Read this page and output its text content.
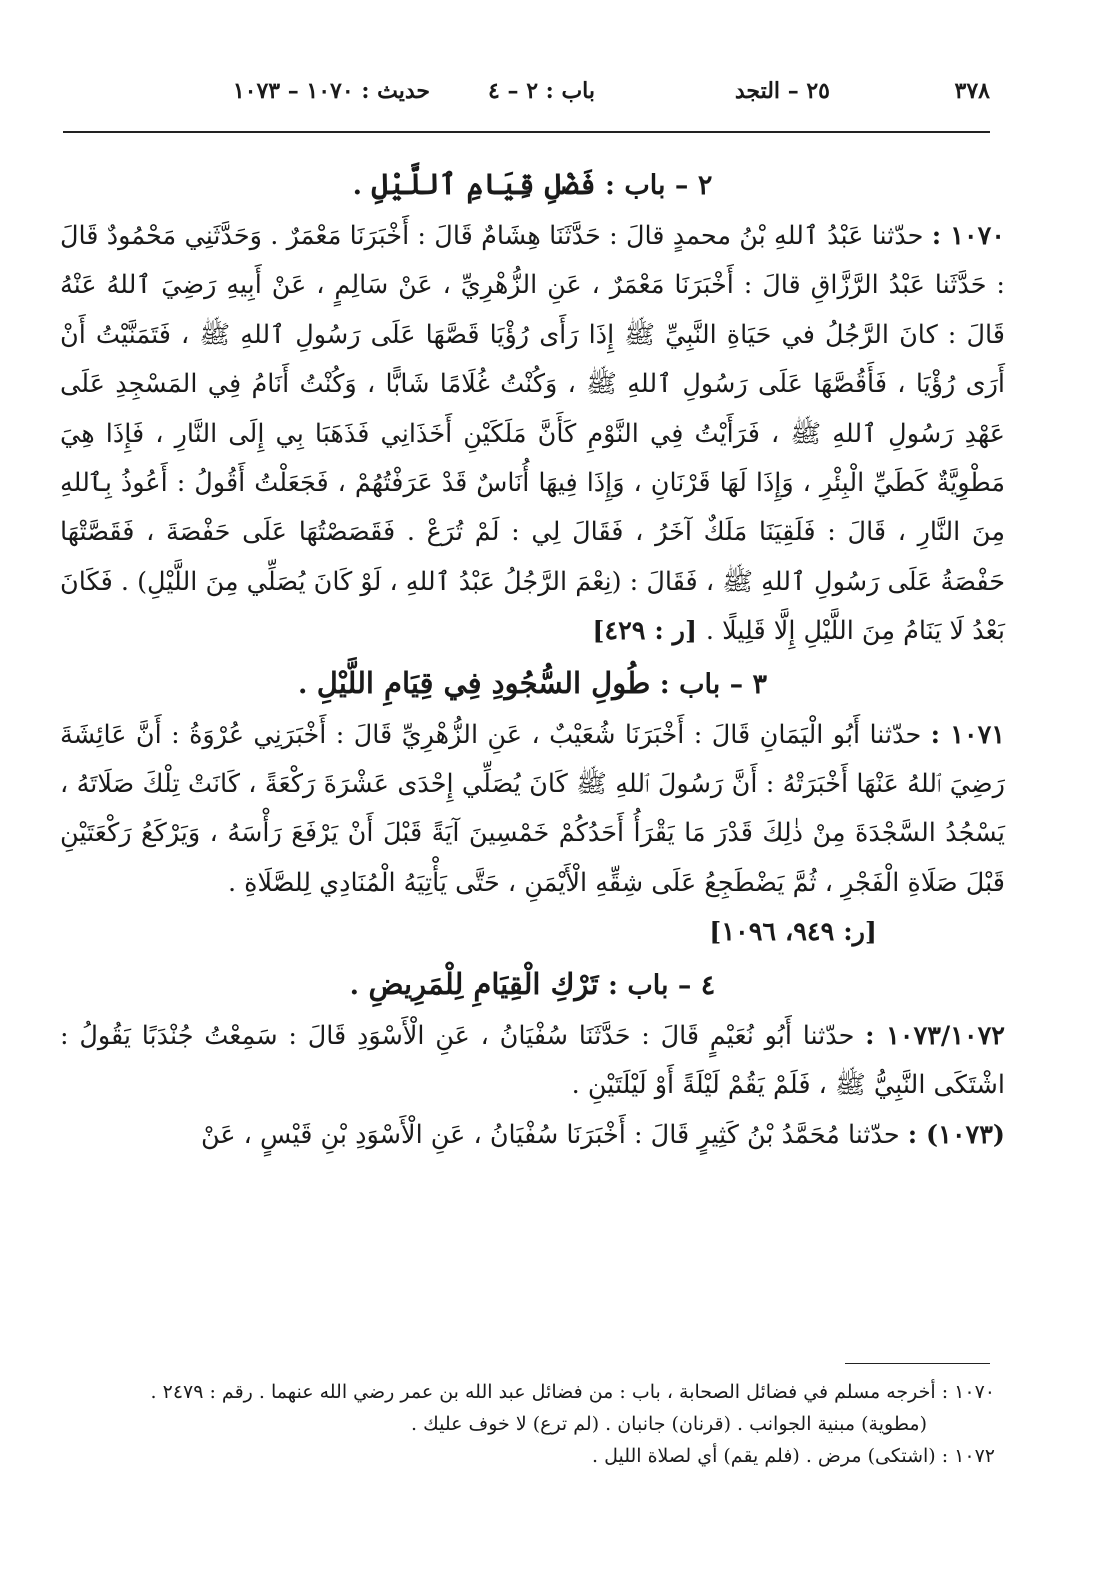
٣٧٨
٢٥ – التجد
باب : ٢ – ٤
حديث : ١٠٧٠ – ١٠٧٣
٢ – باب : فَضْلِ قِيَامِ ٱللَّيْلِ .

١٠٧٠ : حدّثنا عَبْدُ ٱللهِ بْنُ محمدٍ قالَ : حَدَّثَنَا هِشَامٌ قَالَ : أَخْبَرَنَا مَعْمَرٌ . وَحَدَّثَنِي مَحْمُودٌ قَالَ : حَدَّثَنا عَبْدُ الرَّزَّاقِ قالَ : أَخْبَرَنَا مَعْمَرٌ ، عَنِ الزُّهْرِيِّ ، عَنْ سَالِمٍ ، عَنْ أَبِيهِ رَضِيَ ٱللهُ عَنْهُ قَالَ : كانَ الرَّجُلُ في حَيَاةِ النَّبِيِّ ﷺ إِذَا رَأَى رُؤْيَا قَصَّهَا عَلَى رَسُولِ ٱللهِ ﷺ ، فَتَمَنَّيْتُ أَنْ أَرَى رُؤْيَا ، فَأَقُصَّهَا عَلَى رَسُولِ ٱللهِ ﷺ ، وَكُنْتُ غُلَامًا شَابًّا ، وَكُنْتُ أَنَامُ فِي المَسْجِدِ عَلَى عَهْدِ رَسُولِ ٱللهِ ﷺ ، فَرَأَيْتُ فِي النَّوْمِ كَأَنَّ مَلَكَيْنِ أَخَذَانِي فَذَهَبَا بِي إِلَى النَّارِ ، فَإِذَا هِيَ مَطْوِيَّةٌ كَطَيِّ الْبِئْرِ ، وَإِذَا لَهَا قَرْنَانِ ، وَإِذَا فِيهَا أُنَاسٌ قَدْ عَرَفْتُهُمْ ، فَجَعَلْتُ أَقُولُ : أَعُوذُ بِٱللهِ مِنَ النَّارِ ، قَالَ : فَلَقِيَنَا مَلَكٌ آخَرُ ، فَقَالَ لِي : لَمْ تُرَعْ . فَقَصَصْتُهَا عَلَى حَفْصَةَ ، فَقَصَّتْهَا حَفْصَةُ عَلَى رَسُولِ ٱللهِ ﷺ ، فَقَالَ : (نِعْمَ الرَّجُلُ عَبْدُ ٱللهِ ، لَوْ كَانَ يُصَلِّي مِنَ اللَّيْلِ) . فَكَانَ بَعْدُ لَا يَنَامُ مِنَ اللَّيْلِ إِلَّا قَلِيلًا . [ر : ٤٢٩]

٣ – باب : طُولِ السُّجُودِ فِي قِيَامِ اللَّيْلِ .

١٠٧١ : حدّثنا أَبُو الْيَمَانِ قَالَ : أَخْبَرَنَا شُعَيْبٌ ، عَنِ الزُّهْرِيِّ قَالَ : أَخْبَرَنِي عُرْوَةُ : أَنَّ عَائِشَةَ رَضِيَ ٱللهُ عَنْهَا أَخْبَرَتْهُ : أَنَّ رَسُولَ ٱللهِ ﷺ كَانَ يُصَلِّي إِحْدَى عَشْرَةَ رَكْعَةً ، كَانَتْ تِلْكَ صَلَاتَهُ ، يَسْجُدُ السَّجْدَةَ مِنْ ذٰلِكَ قَدْرَ مَا يَقْرَأُ أَحَدُكُمْ خَمْسِينَ آيَةً قَبْلَ أَنْ يَرْفَعَ رَأْسَهُ ، وَيَرْكَعُ رَكْعَتَيْنِ قَبْلَ صَلَاةِ الْفَجْرِ ، ثُمَّ يَضْطَجِعُ عَلَى شِقِّهِ الْأَيْمَنِ ، حَتَّى يَأْتِيَهُ الْمُنَادِي لِلصَّلَاةِ .

[ر: ٩٤٩، ١٠٩٦]

٤ – باب : تَرْكِ الْقِيَامِ لِلْمَرِيضِ .

١٠٧٣/١٠٧٢ : حدّثنا أَبُو نُعَيْمٍ قَالَ : حَدَّثَنَا سُفْيَانُ ، عَنِ الْأَسْوَدِ قَالَ : سَمِعْتُ جُنْدَبًا يَقُولُ : اشْتَكَى النَّبِيُّ ﷺ ، فَلَمْ يَقُمْ لَيْلَةً أَوْ لَيْلَتَيْنِ .

(١٠٧٣) : حدّثنا مُحَمَّدُ بْنُ كَثِيرٍ قَالَ : أَخْبَرَنَا سُفْيَانُ ، عَنِ الْأَسْوَدِ بْنِ قَيْسٍ ، عَنْ

١٠٧٠ : أخرجه مسلم في فضائل الصحابة ، باب : من فضائل عبد الله بن عمر رضي الله عنهما . رقم : ٢٤٧٩ .

(مطوية) مبنية الجوانب . (قرنان) جانبان . (لم ترع) لا خوف عليك .

١٠٧٢ : (اشتكى) مرض . (فلم يقم) أي لصلاة الليل .
